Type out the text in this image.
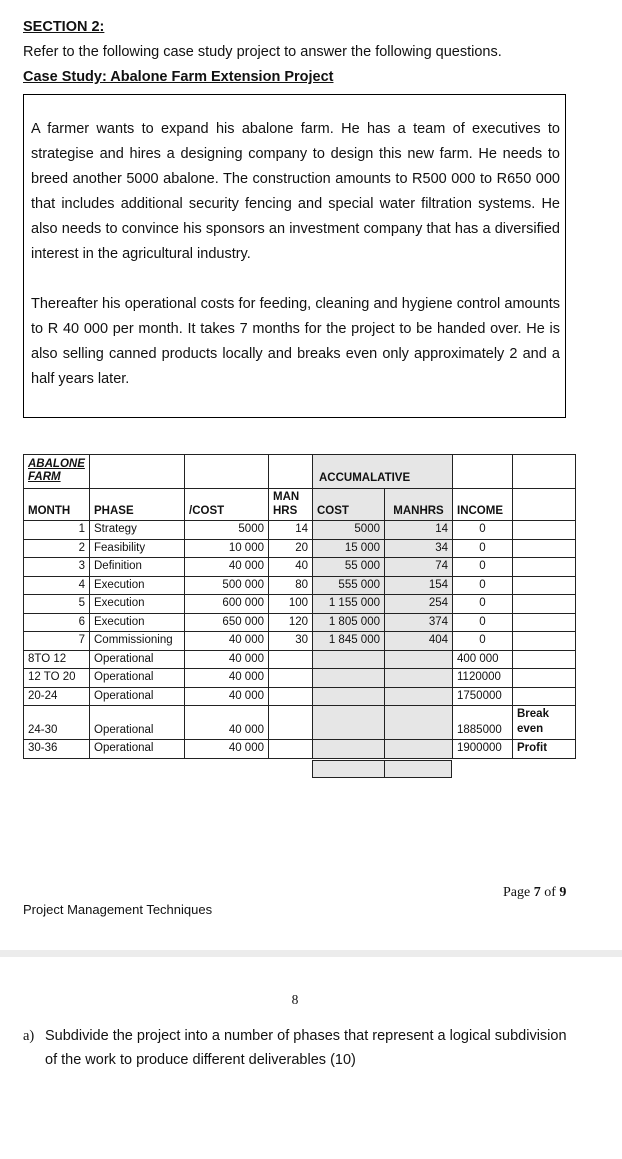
SECTION 2:
Refer to the following case study project to answer the following questions.
Case Study: Abalone Farm Extension Project

A farmer wants to expand his abalone farm. He has a team of executives to strategise and hires a designing company to design this new farm. He needs to breed another 5000 abalone. The construction amounts to R500 000 to R650 000 that includes additional security fencing and special water filtration systems. He also needs to convince his sponsors an investment company that has a diversified interest in the agricultural industry.

Thereafter his operational costs for feeding, cleaning and hygiene control amounts to R 40 000 per month. It takes 7 months for the project to be handed over. He is also selling canned products locally and breaks even only approximately 2 and a half years later.

ABALONE FARM				ACCUMALATIVE			
MONTH	PHASE	/COST	MAN HRS	COST	MANHRS	INCOME	
1	Strategy	5000	14	5000	14	0	
2	Feasibility	10 000	20	15 000	34	0	
3	Definition	40 000	40	55 000	74	0	
4	Execution	500 000	80	555 000	154	0	
5	Execution	600 000	100	1 155 000	254	0	
6	Execution	650 000	120	1 805 000	374	0	
7	Commissioning	40 000	30	1 845 000	404	0	
8TO 12	Operational	40 000				400 000	
12 TO 20	Operational	40 000				1120000	
20-24	Operational	40 000				1750000	
24-30	Operational	40 000				1885000	Break even
30-36	Operational	40 000				1900000	Profit
Page 7 of 9
Project Management Techniques
8
a) Subdivide the project into a number of phases that represent a logical subdivision
of the work to produce different deliverables (10)
